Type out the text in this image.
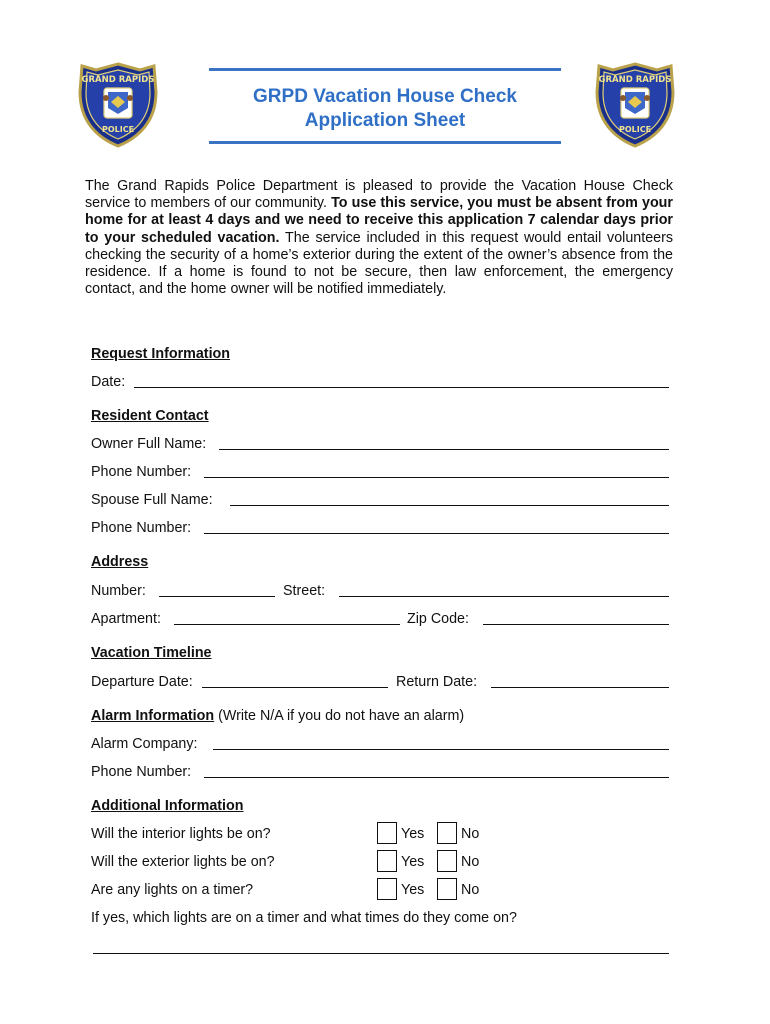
GRAND RAPIDS
POLICE
GRAND RAPIDS
POLICE
GRPD Vacation House Check
Application Sheet
The Grand Rapids Police Department is pleased to provide the Vacation House Check service to members of our community. To use this service, you must be absent from your home for at least 4 days and we need to receive this application 7 calendar days prior to your scheduled vacation. The service included in this request would entail volunteers checking the security of a home’s exterior during the extent of the owner’s absence from the residence. If a home is found to not be secure, then law enforcement, the emergency contact, and the home owner will be notified immediately.
Request Information
Date:
Resident Contact
Owner Full Name:
Phone Number:
Spouse Full Name:
Phone Number:
Address
Number:	Street:
Apartment:	Zip Code:
Vacation Timeline
Departure Date:	Return Date:
Alarm Information (Write N/A if you do not have an alarm)
Alarm Company:
Phone Number:
Additional Information
Will the interior lights be on?	Yes	No
Will the exterior lights be on?	Yes	No
Are any lights on a timer?	Yes	No
If yes, which lights are on a timer and what times do they come on?
